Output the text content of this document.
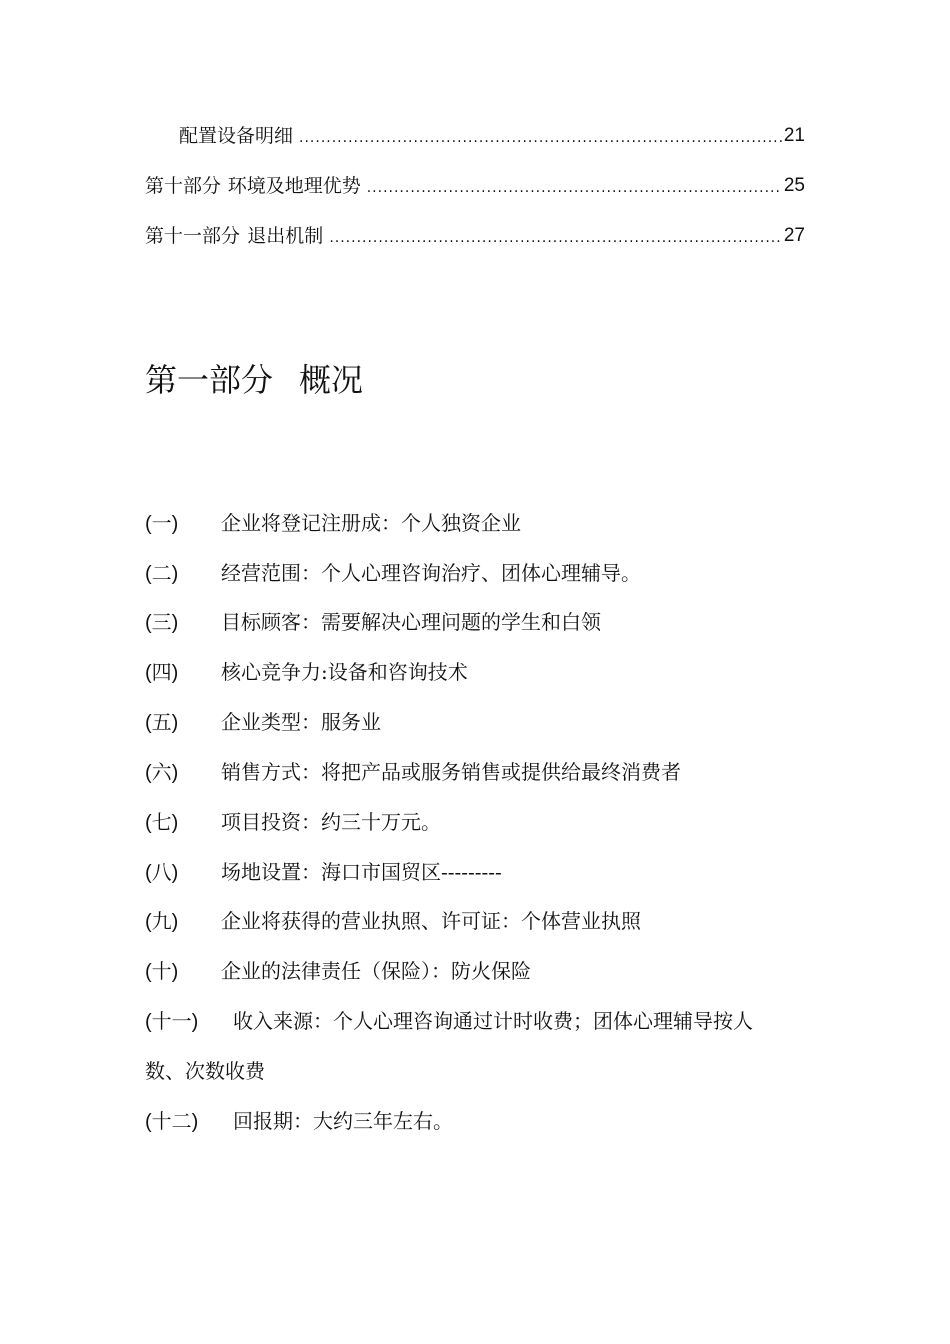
配置设备明细 .....	21
第十部分 环境及地理优势 .....	25
第十一部分 退出机制 .....	27
第一部分 概况
(一) 企业将登记注册成：个人独资企业
(二) 经营范围：个人心理咨询治疗、团体心理辅导。
(三) 目标顾客：需要解决心理问题的学生和白领
(四) 核心竞争力:设备和咨询技术
(五) 企业类型：服务业
(六) 销售方式：将把产品或服务销售或提供给最终消费者
(七) 项目投资：约三十万元。
(八) 场地设置：海口市国贸区---------
(九) 企业将获得的营业执照、许可证：个体营业执照
(十) 企业的法律责任（保险）：防火保险
(十一) 收入来源：个人心理咨询通过计时收费；团体心理辅导按人
数、次数收费
(十二) 回报期：大约三年左右。
